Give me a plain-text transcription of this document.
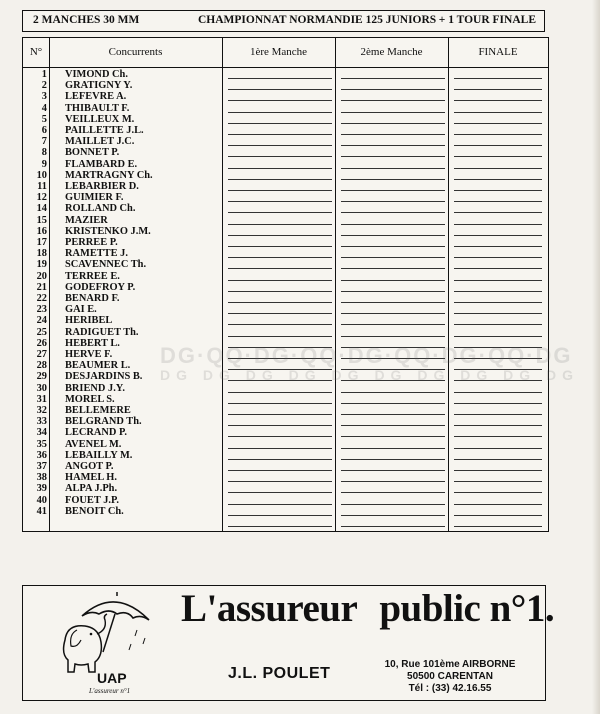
2 MANCHES 30 MM	CHAMPIONNAT NORMANDIE 125 JUNIORS + 1 TOUR FINALE
N°	Concurrents	1ère Manche	2ème Manche	FINALE
1 VIMOND Ch.
2 GRATIGNY Y.
3 LEFEVRE A.
4 THIBAULT F.
5 VEILLEUX M.
6 PAILLETTE J.L.
7 MAILLET J.C.
8 BONNET P.
9 FLAMBARD E.
10 MARTRAGNY Ch.
11 LEBARBIER D.
12 GUIMIER F.
14 ROLLAND Ch.
15 MAZIER
16 KRISTENKO J.M.
17 PERREE P.
18 RAMETTE J.
19 SCAVENNEC Th.
20 TERREE E.
21 GODEFROY P.
22 BENARD F.
23 GAI E.
24 HERIBEL
25 RADIGUET Th.
26 HEBERT L.
27 HERVE F.
28 BEAUMER L.
29 DESJARDINS B.
30 BRIEND J.Y.
31 MOREL S.
32 BELLEMERE
33 BELGRAND Th.
34 LECRAND P.
35 AVENEL M.
36 LEBAILLY M.
37 ANGOT P.
38 HAMEL H.
39 ALPA J.Ph.
40 FOUET J.P.
41 BENOIT Ch.
DG
UAP
L'assureur n°1
L'assureur public n°1.
J.L. POULET
10, Rue 101ème AIRBORNE
50500 CARENTAN
Tél : (33) 42.16.55
